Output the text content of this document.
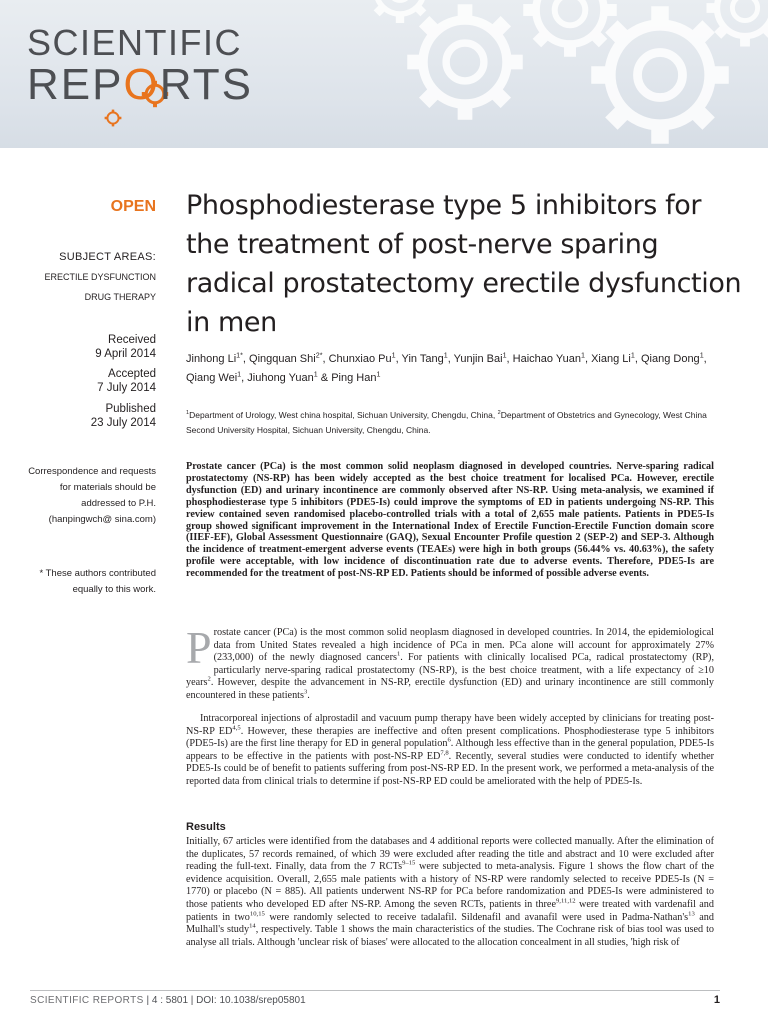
SCIENTIFIC
REPORTS
OPEN
SUBJECT AREAS:
ERECTILE DYSFUNCTION
DRUG THERAPY
Received
9 April 2014
Accepted
7 July 2014
Published
23 July 2014
Correspondence and requests for materials should be addressed to P.H. (hanpingwch@ sina.com)
* These authors contributed equally to this work.
Phosphodiesterase type 5 inhibitors for the treatment of post-nerve sparing radical prostatectomy erectile dysfunction in men
Jinhong $Li^{1*}$, Qingquan Shi$^{2*}$, Chunxiao Pu$^1$, Yin Tang$^1$, Yunjin Bai$^1$, Haichao Yuan$^1$, Xiang Li$^1$, Qiang Dong$^1$, Qiang Wei$^1$, Jiuhong Yuan$^1$ & Ping Han$^1$
$^1$Department of Urology, West china hospital, Sichuan University, Chengdu, China, $^2$Department of Obstetrics and Gynecology, West China Second University Hospital, Sichuan University, Chengdu, China.
Prostate cancer (PCa) is the most common solid neoplasm diagnosed in developed countries. Nerve-sparing radical prostatectomy (NS-RP) has been widely accepted as the best choice treatment for localised PCa. However, erectile dysfunction (ED) and urinary incontinence are commonly observed after NS-RP. Using meta-analysis, we examined if phosphodiesterase type 5 inhibitors (PDE5-Is) could improve the symptoms of ED in patients undergoing NS-RP. This review contained seven randomised placebo-controlled trials with a total of 2,655 male patients. Patients in PDE5-Is group showed significant improvement in the International Index of Erectile Function-Erectile Function domain score (IIEF-EF), Global Assessment Questionnaire (GAQ), Sexual Encounter Profile question 2 (SEP-2) and SEP-3. Although the incidence of treatment-emergent adverse events (TEAEs) were high in both groups (56.44% vs. 40.63%), the safety profile were acceptable, with low incidence of discontinuation rate due to adverse events. Therefore, PDE5-Is are recommended for the treatment of post-NS-RP ED. Patients should be informed of possible adverse events.
Prostate cancer (PCa) is the most common solid neoplasm diagnosed in developed countries. In 2014, the epidemiological data from United States revealed a high incidence of PCa in men. PCa alone will account for approximately 27% (233,000) of the newly diagnosed cancers$^1$. For patients with clinically localised PCa, radical prostatectomy (RP), particularly nerve-sparing radical prostatectomy (NS-RP), is the best choice treatment, with a life expectancy of ≥10 years$^2$. However, despite the advancement in NS-RP, erectile dysfunction (ED) and urinary incontinence are still commonly encountered in these patients$^3$.
Intracorporeal injections of alprostadil and vacuum pump therapy have been widely accepted by clinicians for treating post-NS-RP ED$^{4,5}$. However, these therapies are ineffective and often present complications. Phosphodiesterase type 5 inhibitors (PDE5-Is) are the first line therapy for ED in general population$^6$. Although less effective than in the general population, PDE5-Is appears to be effective in the patients with post-NS-RP ED$^{7,8}$. Recently, several studies were conducted to identify whether PDE5-Is could be of benefit to patients suffering from post-NS-RP ED. In the present work, we performed a meta-analysis of the reported data from clinical trials to determine if post-NS-RP ED could be ameliorated with the help of PDE5-Is.
Results
Initially, 67 articles were identified from the databases and 4 additional reports were collected manually. After the elimination of the duplicates, 57 records remained, of which 39 were excluded after reading the title and abstract and 10 were excluded after reading the full-text. Finally, data from the 7 RCTs$^{9-15}$ were subjected to meta-analysis. Figure 1 shows the flow chart of the evidence acquisition. Overall, 2,655 male patients with a history of NS-RP were randomly selected to receive PDE5-Is (N = 1770) or placebo (N = 885). All patients underwent NS-RP for PCa before randomization and PDE5-Is were administered to those patients who developed ED after NS-RP. Among the seven RCTs, patients in three$^{9,11,12}$ were treated with vardenafil and patients in two$^{10,15}$ were randomly selected to receive tadalafil. Sildenafil and avanafil were used in Padma-$Nathan's^{13}$ and Mulhall's study$^{14}$, respectively. Table 1 shows the main characteristics of the studies. The Cochrane risk of bias tool was used to analyse all trials. Although 'unclear risk of biases' were allocated to the allocation concealment in all studies, 'high risk of
SCIENTIFIC REPORTS | 4 : 5801 | DOI: 10.1038/srep05801	1
